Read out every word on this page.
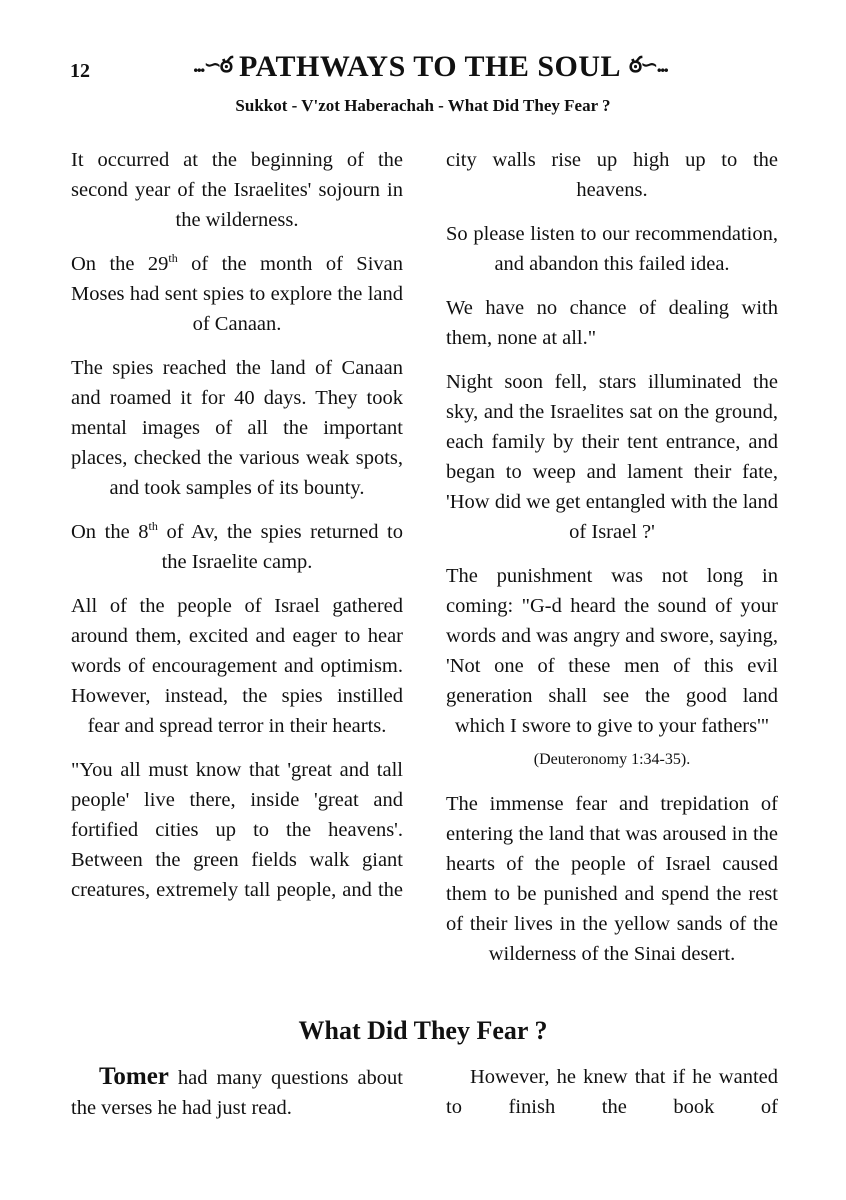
12	...∽ఠ PATHWAYS TO THE SOUL ఠ∽...
Sukkot - V'zot Haberachah - What Did They Fear ?

It occurred at the beginning of the second year of the Israelites' sojourn in the wilderness.

On the 29th of the month of Sivan Moses had sent spies to explore the land of Canaan.

The spies reached the land of Canaan and roamed it for 40 days. They took mental images of all the important places, checked the various weak spots, and took samples of its bounty.

On the 8th of Av, the spies returned to the Israelite camp.

All of the people of Israel gathered around them, excited and eager to hear words of encouragement and optimism. However, instead, the spies instilled fear and spread terror in their hearts.

"You all must know that 'great and tall people' live there, inside 'great and fortified cities up to the heavens'. Between the green fields walk giant creatures, extremely tall people, and the

city walls rise up high up to the heavens.

So please listen to our recommendation, and abandon this failed idea.

We have no chance of dealing with them, none at all."

Night soon fell, stars illuminated the sky, and the Israelites sat on the ground, each family by their tent entrance, and began to weep and lament their fate, 'How did we get entangled with the land of Israel ?'

The punishment was not long in coming: "G-d heard the sound of your words and was angry and swore, saying, 'Not one of these men of this evil generation shall see the good land which I swore to give to your fathers'"

(Deuteronomy 1:34-35).

The immense fear and trepidation of entering the land that was aroused in the hearts of the people of Israel caused them to be punished and spend the rest of their lives in the yellow sands of the wilderness of the Sinai desert.

What Did They Fear ?

Tomer had many questions about the verses he had just read.

However, he knew that if he wanted to finish the book of
